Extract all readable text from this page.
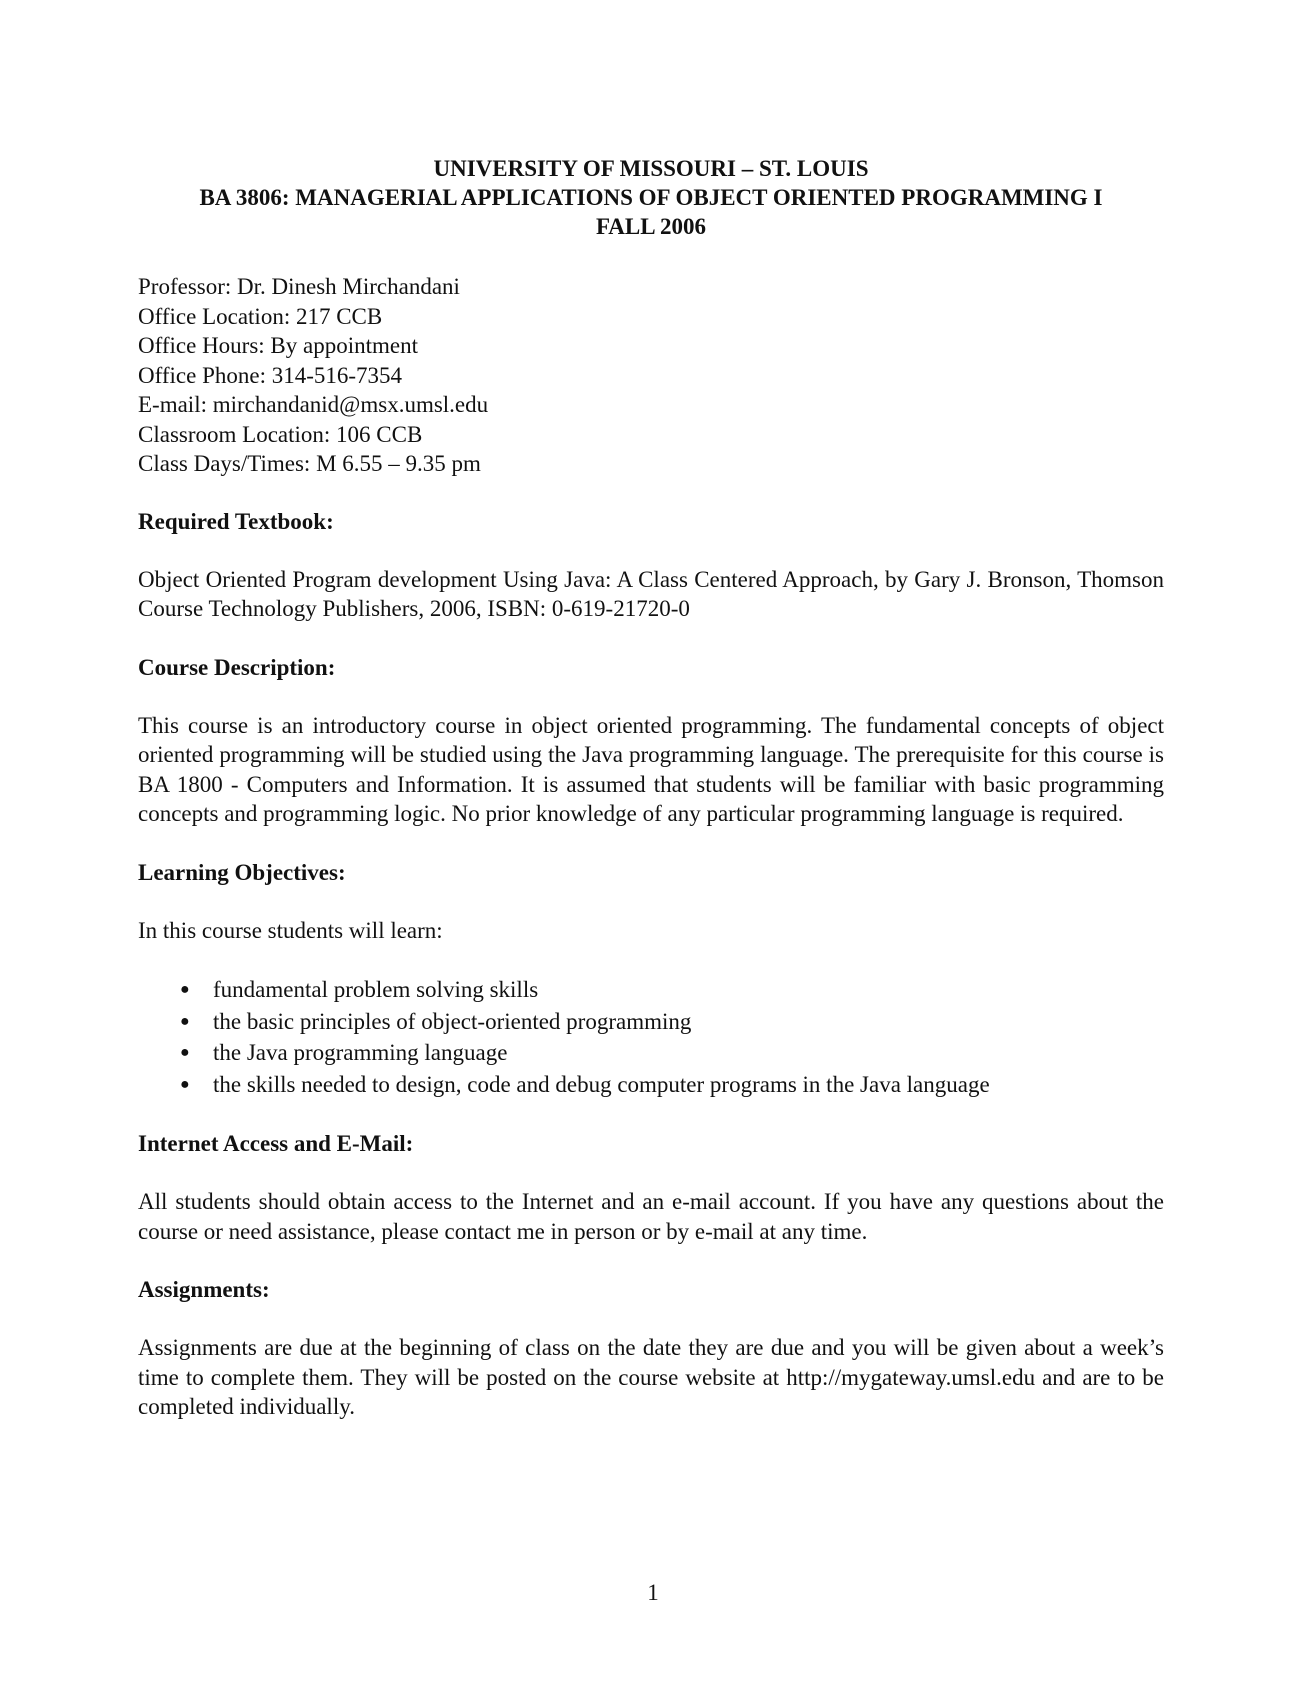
UNIVERSITY OF MISSOURI – ST. LOUIS
BA 3806: MANAGERIAL APPLICATIONS OF OBJECT ORIENTED PROGRAMMING I
FALL 2006
Professor: Dr. Dinesh Mirchandani
Office Location: 217 CCB
Office Hours: By appointment
Office Phone: 314-516-7354
E-mail: mirchandanid@msx.umsl.edu
Classroom Location: 106 CCB
Class Days/Times: M 6.55 – 9.35 pm
Required Textbook:

Object Oriented Program development Using Java: A Class Centered Approach, by Gary J. Bronson, Thomson Course Technology Publishers, 2006, ISBN: 0-619-21720-0

Course Description:

This course is an introductory course in object oriented programming. The fundamental concepts of object oriented programming will be studied using the Java programming language. The prerequisite for this course is BA 1800 - Computers and Information. It is assumed that students will be familiar with basic programming concepts and programming logic. No prior knowledge of any particular programming language is required.

Learning Objectives:

In this course students will learn:

● fundamental problem solving skills
● the basic principles of object-oriented programming
● the Java programming language
● the skills needed to design, code and debug computer programs in the Java language
Internet Access and E-Mail:

All students should obtain access to the Internet and an e-mail account. If you have any questions about the course or need assistance, please contact me in person or by e-mail at any time.

Assignments:

Assignments are due at the beginning of class on the date they are due and you will be given about a week’s time to complete them. They will be posted on the course website at http://mygateway.umsl.edu and are to be completed individually.

1
